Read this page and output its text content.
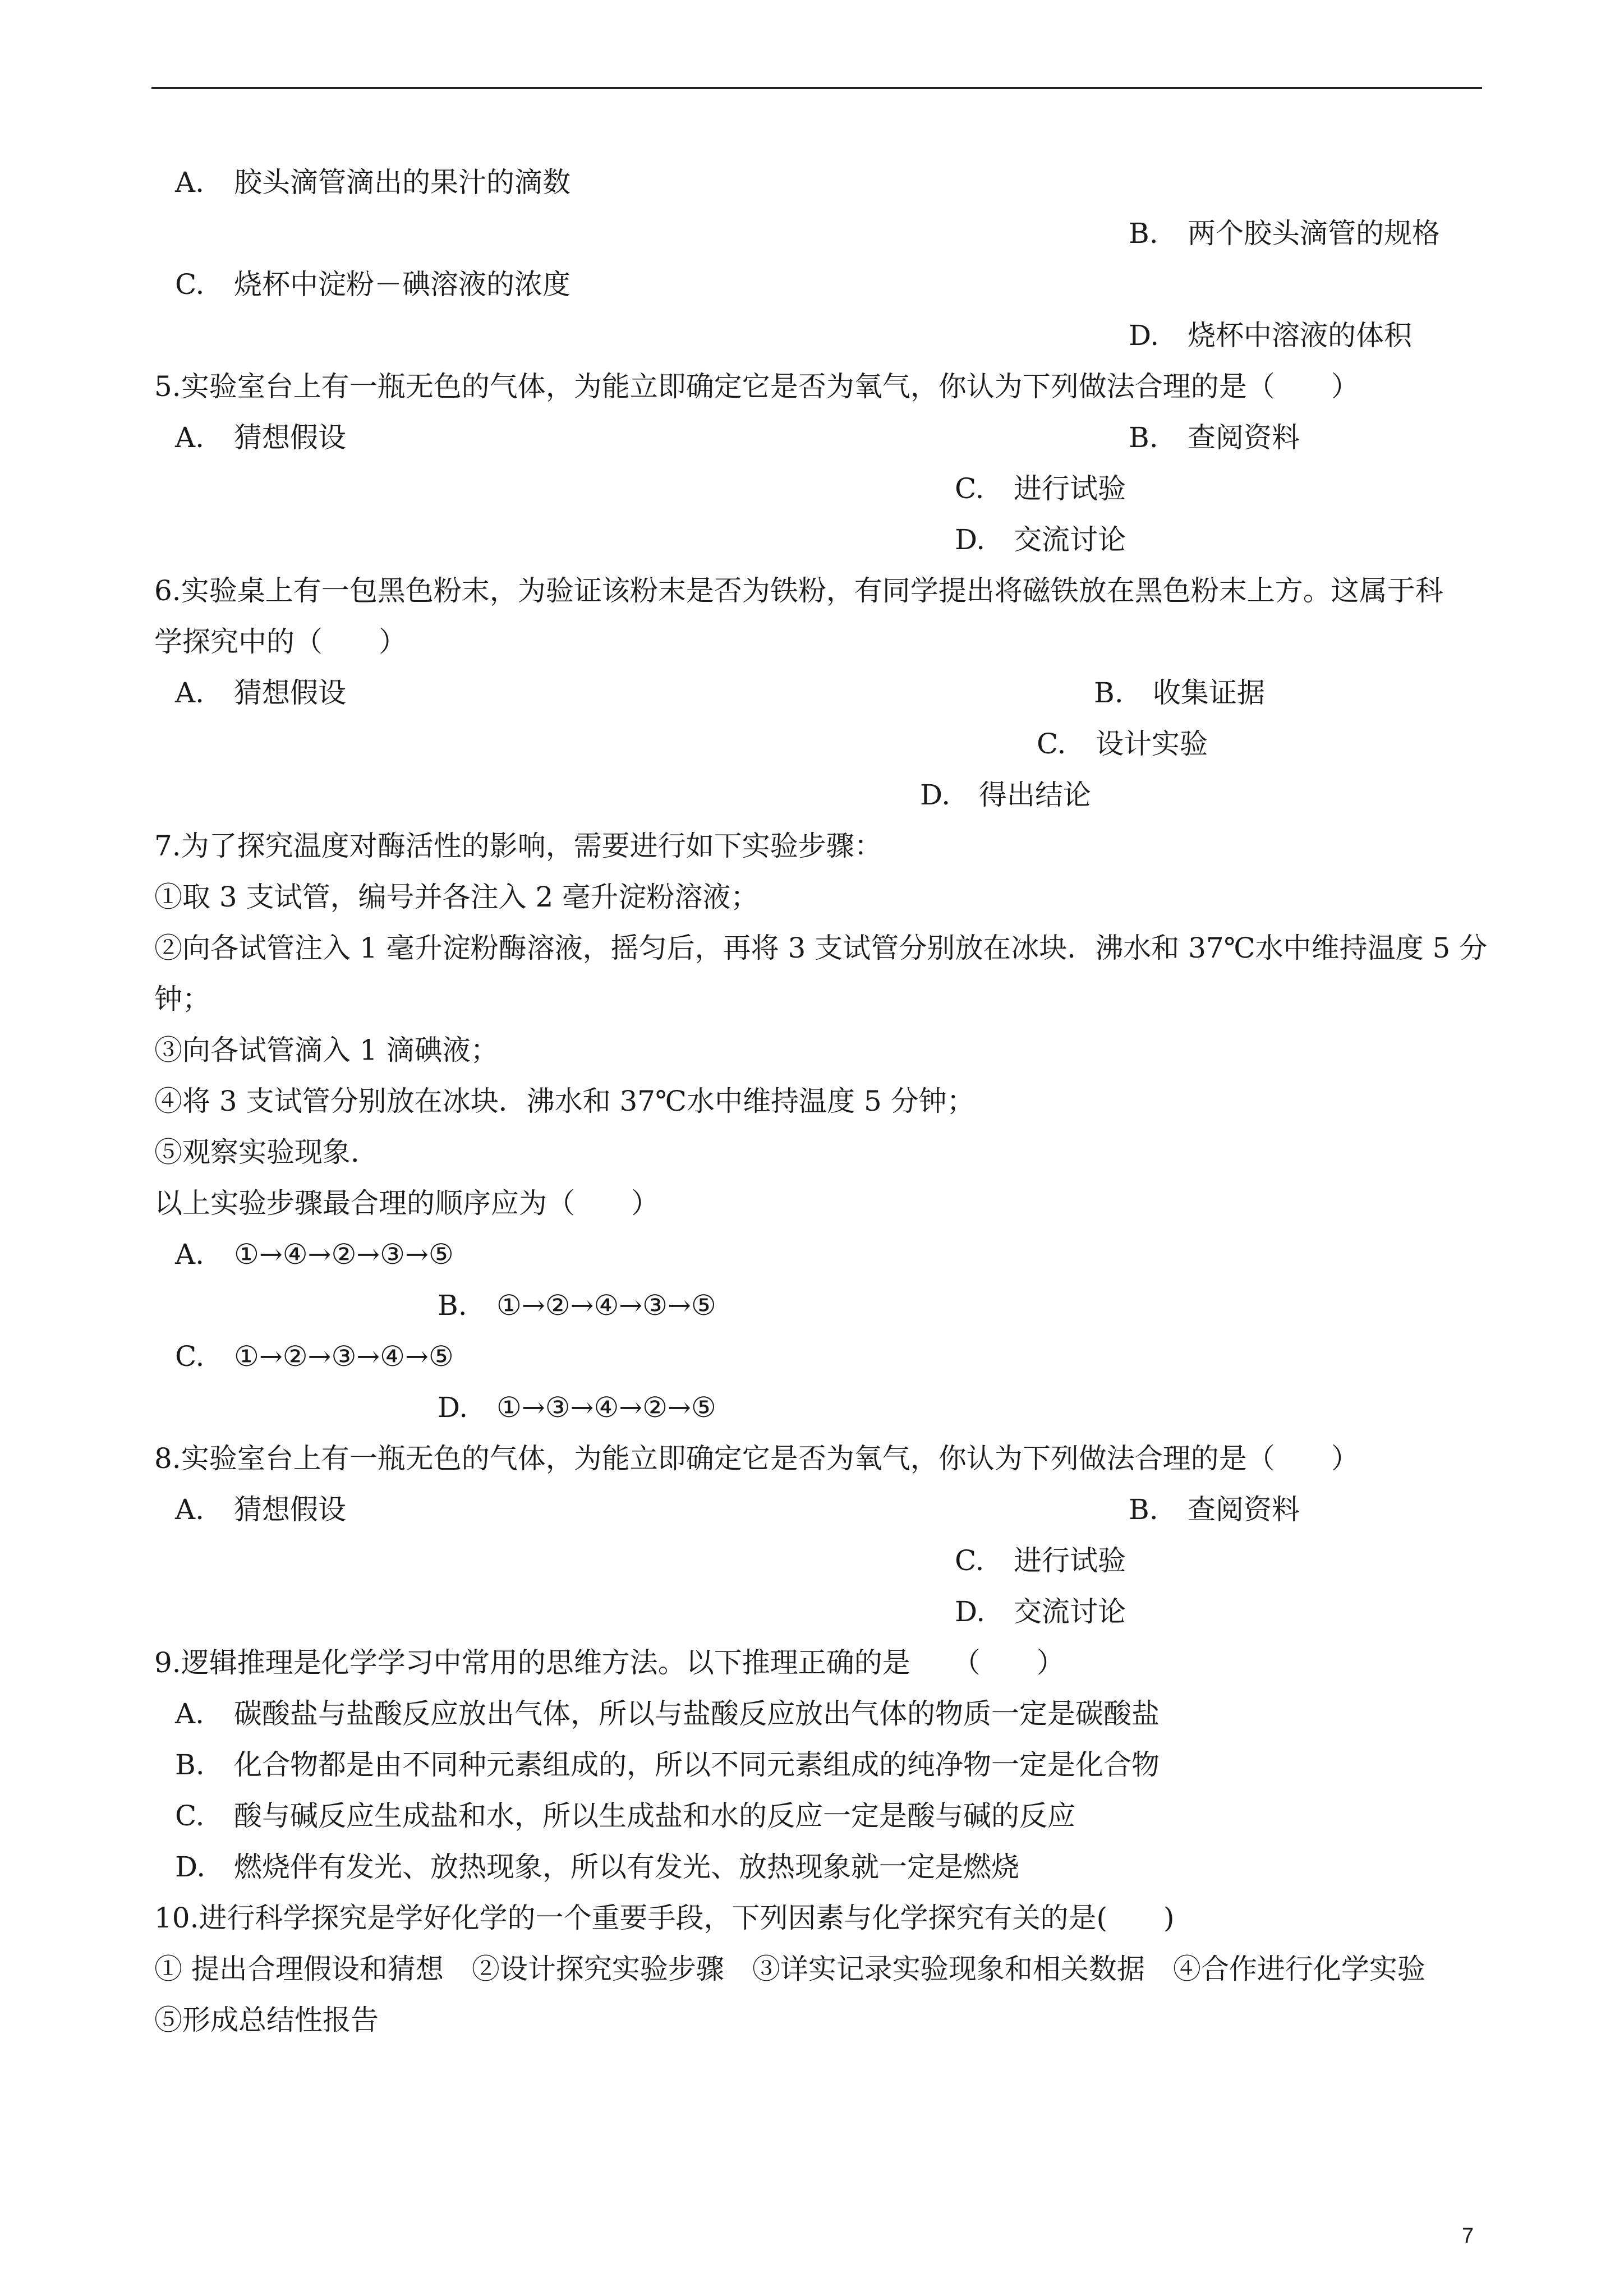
A. 胶头滴管滴出的果汁的滴数
B. 两个胶头滴管的规格
C. 烧杯中淀粉－碘溶液的浓度
D. 烧杯中溶液的体积
5.实验室台上有一瓶无色的气体，为能立即确定它是否为氧气，你认为下列做法合理的是（　　）
A. 猜想假设	B. 查阅资料
C. 进行试验
D. 交流讨论
6.实验桌上有一包黑色粉末，为验证该粉末是否为铁粉，有同学提出将磁铁放在黑色粉末上方。这属于科
学探究中的（　　）
A. 猜想假设	B. 收集证据
C. 设计实验
D. 得出结论
7.为了探究温度对酶活性的影响，需要进行如下实验步骤：
①取 3 支试管，编号并各注入 2 毫升淀粉溶液；
②向各试管注入 1 毫升淀粉酶溶液，摇匀后，再将 3 支试管分别放在冰块．沸水和 37℃水中维持温度 5 分
钟；
③向各试管滴入 1 滴碘液；
④将 3 支试管分别放在冰块．沸水和 37℃水中维持温度 5 分钟；
⑤观察实验现象．
以上实验步骤最合理的顺序应为（　　）
A. ①→④→②→③→⑤
B. ①→②→④→③→⑤
C. ①→②→③→④→⑤
D. ①→③→④→②→⑤
8.实验室台上有一瓶无色的气体，为能立即确定它是否为氧气，你认为下列做法合理的是（　　）
A. 猜想假设	B. 查阅资料
C. 进行试验
D. 交流讨论
9.逻辑推理是化学学习中常用的思维方法。以下推理正确的是　　（　　）
A. 碳酸盐与盐酸反应放出气体，所以与盐酸反应放出气体的物质一定是碳酸盐
B. 化合物都是由不同种元素组成的，所以不同元素组成的纯净物一定是化合物
C. 酸与碱反应生成盐和水，所以生成盐和水的反应一定是酸与碱的反应
D. 燃烧伴有发光、放热现象，所以有发光、放热现象就一定是燃烧
10.进行科学探究是学好化学的一个重要手段，下列因素与化学探究有关的是(　　)
① 提出合理假设和猜想　②设计探究实验步骤　③详实记录实验现象和相关数据　④合作进行化学实验
⑤形成总结性报告
7
